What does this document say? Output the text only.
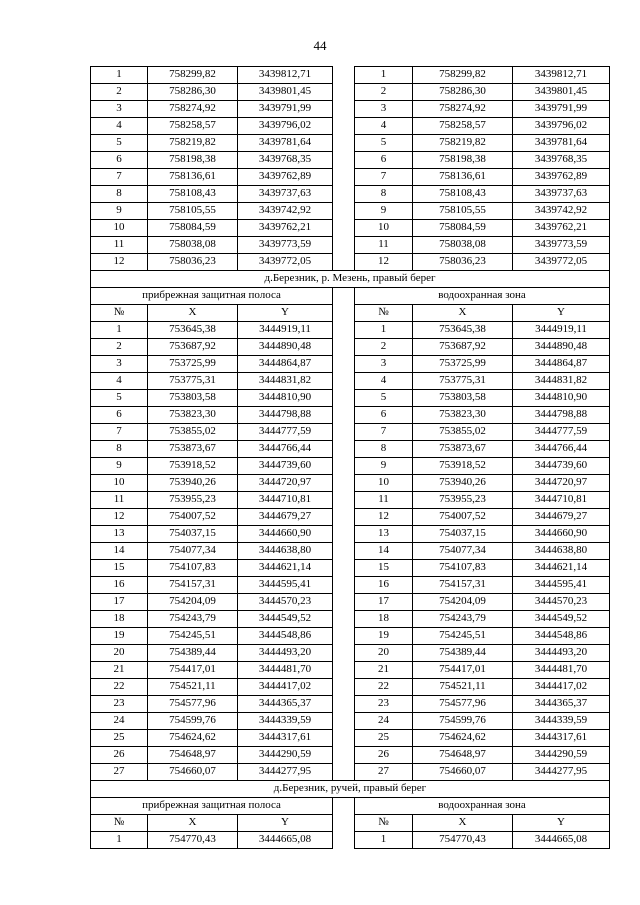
44
1	758299,82	3439812,71		1	758299,82	3439812,71
2	758286,30	3439801,45		2	758286,30	3439801,45
3	758274,92	3439791,99		3	758274,92	3439791,99
4	758258,57	3439796,02		4	758258,57	3439796,02
5	758219,82	3439781,64		5	758219,82	3439781,64
6	758198,38	3439768,35		6	758198,38	3439768,35
7	758136,61	3439762,89		7	758136,61	3439762,89
8	758108,43	3439737,63		8	758108,43	3439737,63
9	758105,55	3439742,92		9	758105,55	3439742,92
10	758084,59	3439762,21		10	758084,59	3439762,21
11	758038,08	3439773,59		11	758038,08	3439773,59
12	758036,23	3439772,05		12	758036,23	3439772,05
д.Березник, р. Мезень, правый берег						
прибрежная защитная полоса				водоохранная зона		
№	X	Y		№	X	Y
1	753645,38	3444919,11		1	753645,38	3444919,11
2	753687,92	3444890,48		2	753687,92	3444890,48
3	753725,99	3444864,87		3	753725,99	3444864,87
4	753775,31	3444831,82		4	753775,31	3444831,82
5	753803,58	3444810,90		5	753803,58	3444810,90
6	753823,30	3444798,88		6	753823,30	3444798,88
7	753855,02	3444777,59		7	753855,02	3444777,59
8	753873,67	3444766,44		8	753873,67	3444766,44
9	753918,52	3444739,60		9	753918,52	3444739,60
10	753940,26	3444720,97		10	753940,26	3444720,97
11	753955,23	3444710,81		11	753955,23	3444710,81
12	754007,52	3444679,27		12	754007,52	3444679,27
13	754037,15	3444660,90		13	754037,15	3444660,90
14	754077,34	3444638,80		14	754077,34	3444638,80
15	754107,83	3444621,14		15	754107,83	3444621,14
16	754157,31	3444595,41		16	754157,31	3444595,41
17	754204,09	3444570,23		17	754204,09	3444570,23
18	754243,79	3444549,52		18	754243,79	3444549,52
19	754245,51	3444548,86		19	754245,51	3444548,86
20	754389,44	3444493,20		20	754389,44	3444493,20
21	754417,01	3444481,70		21	754417,01	3444481,70
22	754521,11	3444417,02		22	754521,11	3444417,02
23	754577,96	3444365,37		23	754577,96	3444365,37
24	754599,76	3444339,59		24	754599,76	3444339,59
25	754624,62	3444317,61		25	754624,62	3444317,61
26	754648,97	3444290,59		26	754648,97	3444290,59
27	754660,07	3444277,95		27	754660,07	3444277,95
д.Березник, ручей, правый берег						
прибрежная защитная полоса				водоохранная зона		
№	X	Y		№	X	Y
1	754770,43	3444665,08		1	754770,43	3444665,08
